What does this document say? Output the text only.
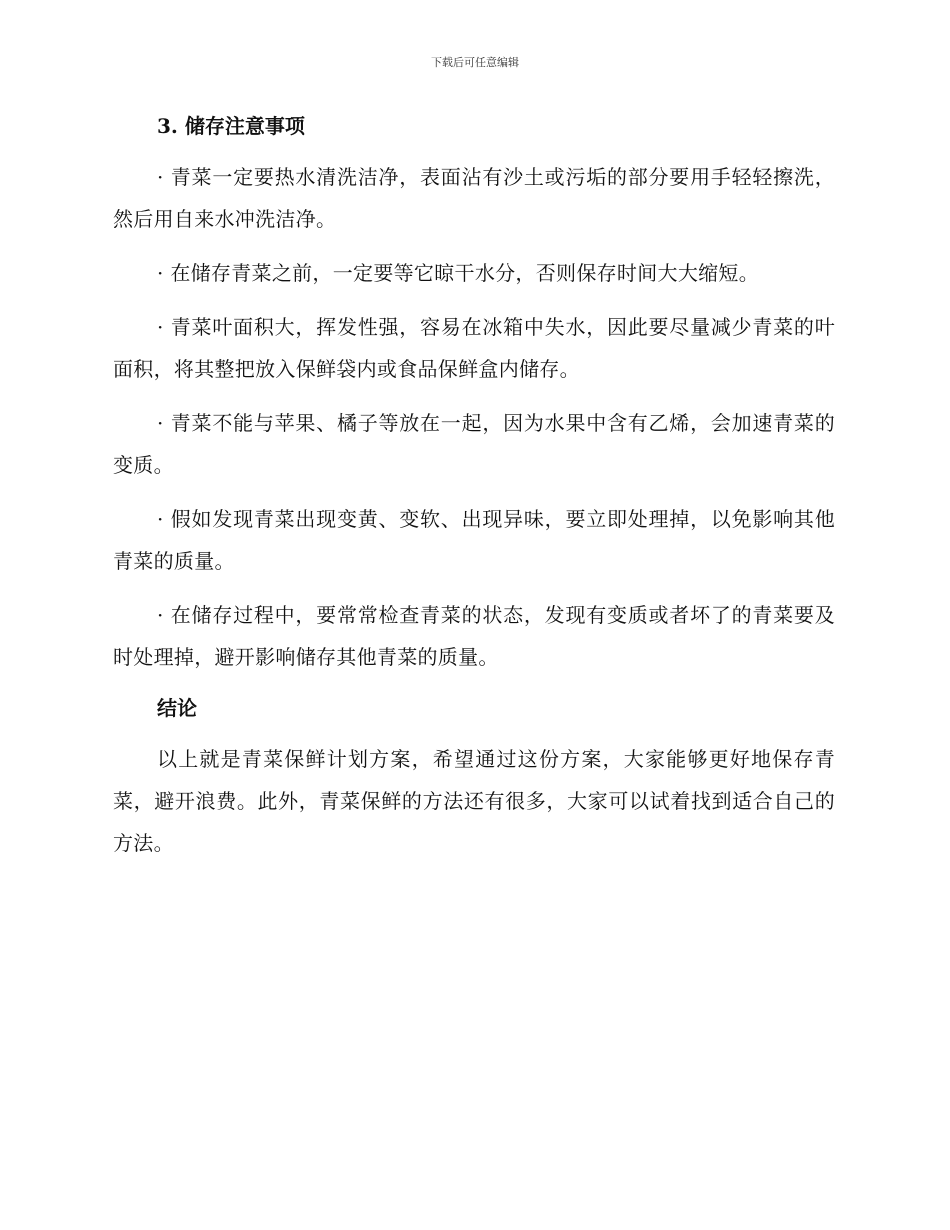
下载后可任意编辑
3. 储存注意事项

· 青菜一定要热水清洗洁净，表面沾有沙土或污垢的部分要用手轻轻擦洗，然后用自来水冲洗洁净。

· 在储存青菜之前，一定要等它晾干水分，否则保存时间大大缩短。

· 青菜叶面积大，挥发性强，容易在冰箱中失水，因此要尽量减少青菜的叶面积，将其整把放入保鲜袋内或食品保鲜盒内储存。

· 青菜不能与苹果、橘子等放在一起，因为水果中含有乙烯，会加速青菜的变质。

· 假如发现青菜出现变黄、变软、出现异味，要立即处理掉，以免影响其他青菜的质量。

· 在储存过程中，要常常检查青菜的状态，发现有变质或者坏了的青菜要及时处理掉，避开影响储存其他青菜的质量。

结论

以上就是青菜保鲜计划方案，希望通过这份方案，大家能够更好地保存青菜，避开浪费。此外，青菜保鲜的方法还有很多，大家可以试着找到适合自己的方法。
